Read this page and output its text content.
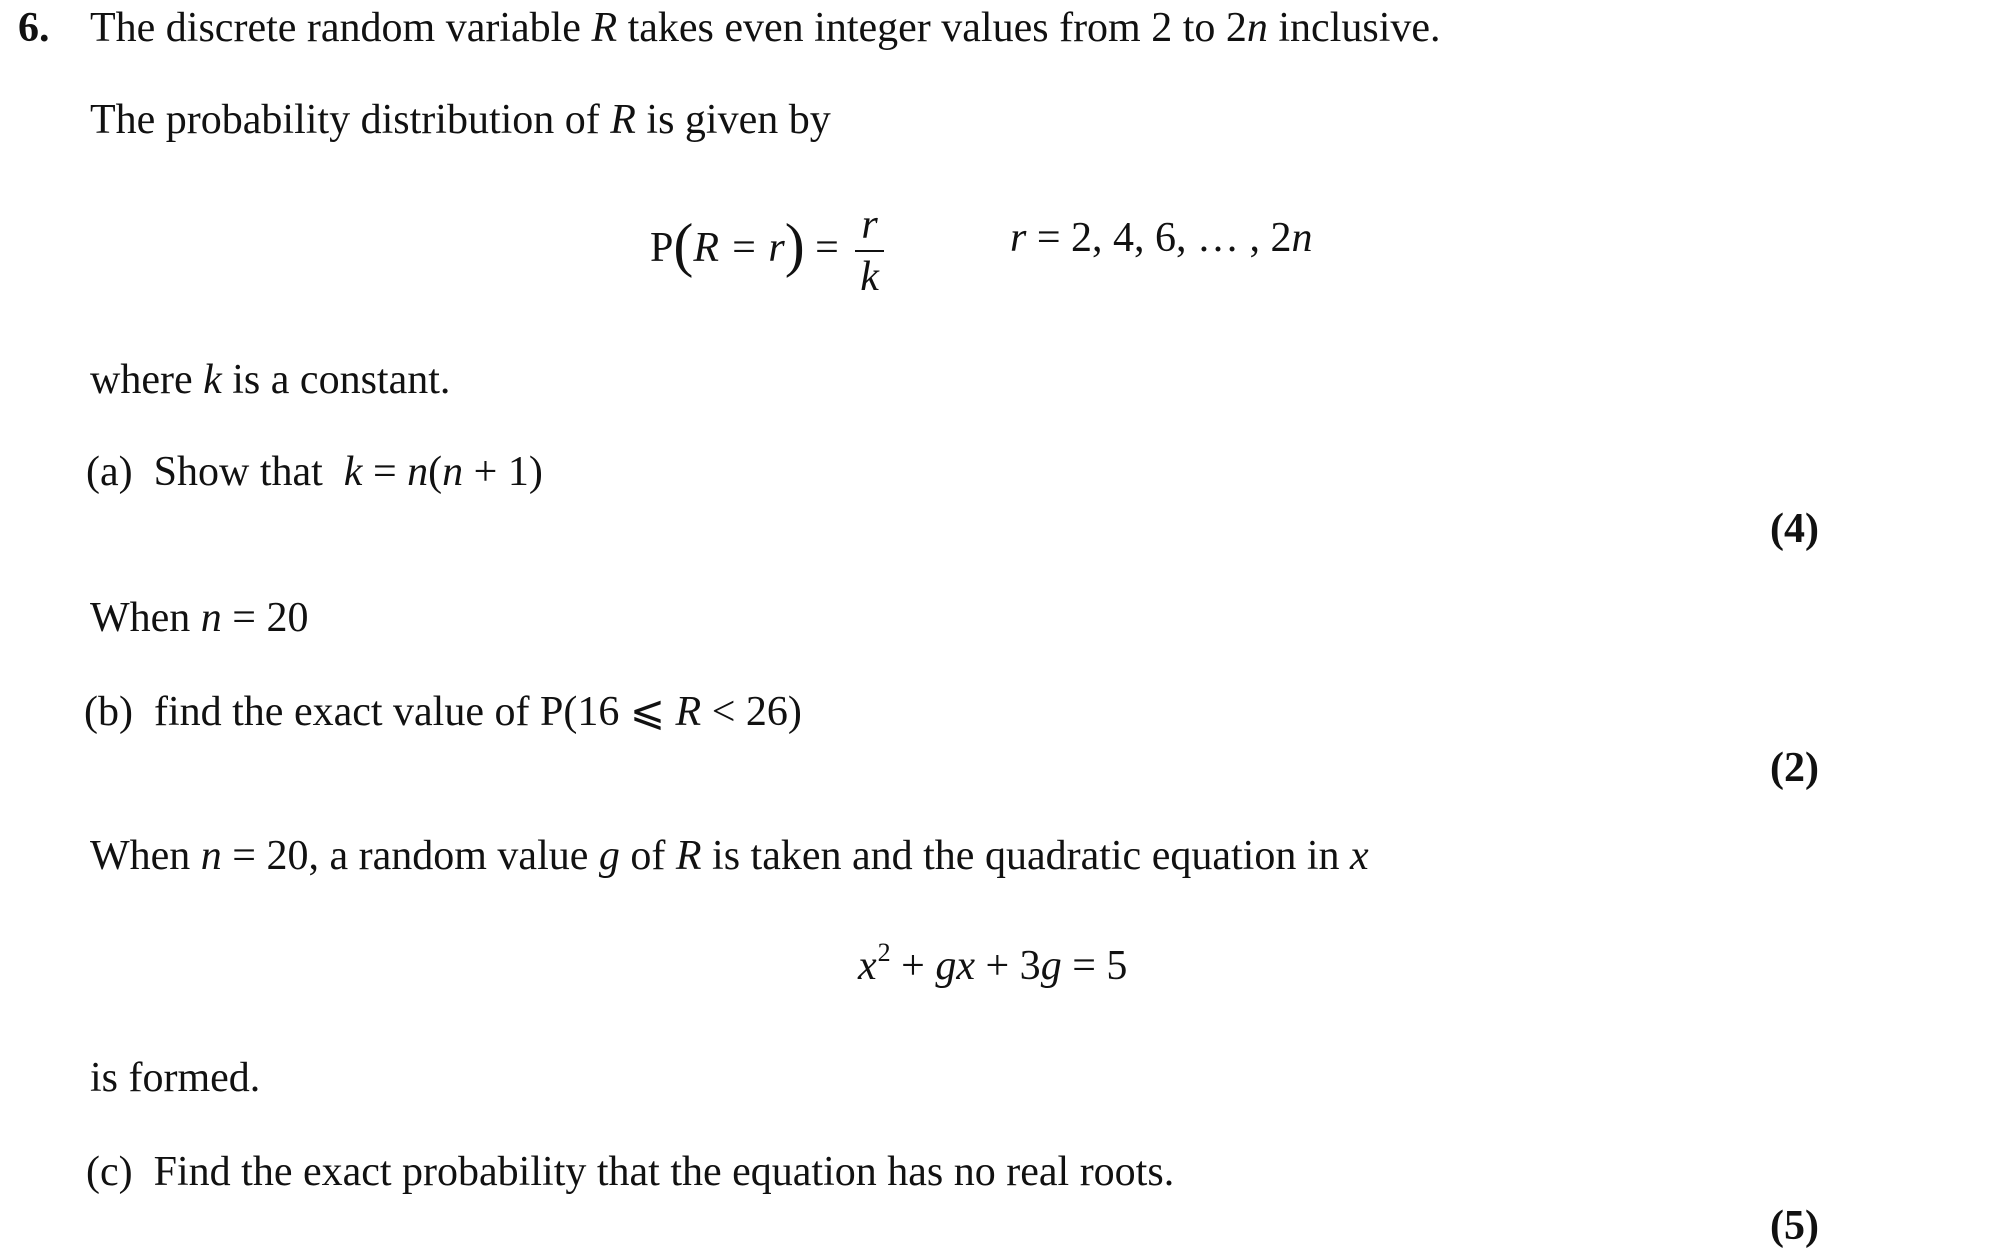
6. The discrete random variable R takes even integer values from 2 to 2n inclusive.
The probability distribution of R is given by
$P(R = r) = \frac{r}{k}$	r = 2, 4, 6, … , 2n
where k is a constant.
(a) Show that  k = n(n + 1)
(4)
When n = 20
(b) find the exact value of P(16 ⩽ R < 26)
(2)
When n = 20, a random value g of R is taken and the quadratic equation in x
$x^2$ + gx + 3g = 5
is formed.
(c) Find the exact probability that the equation has no real roots.
(5)
